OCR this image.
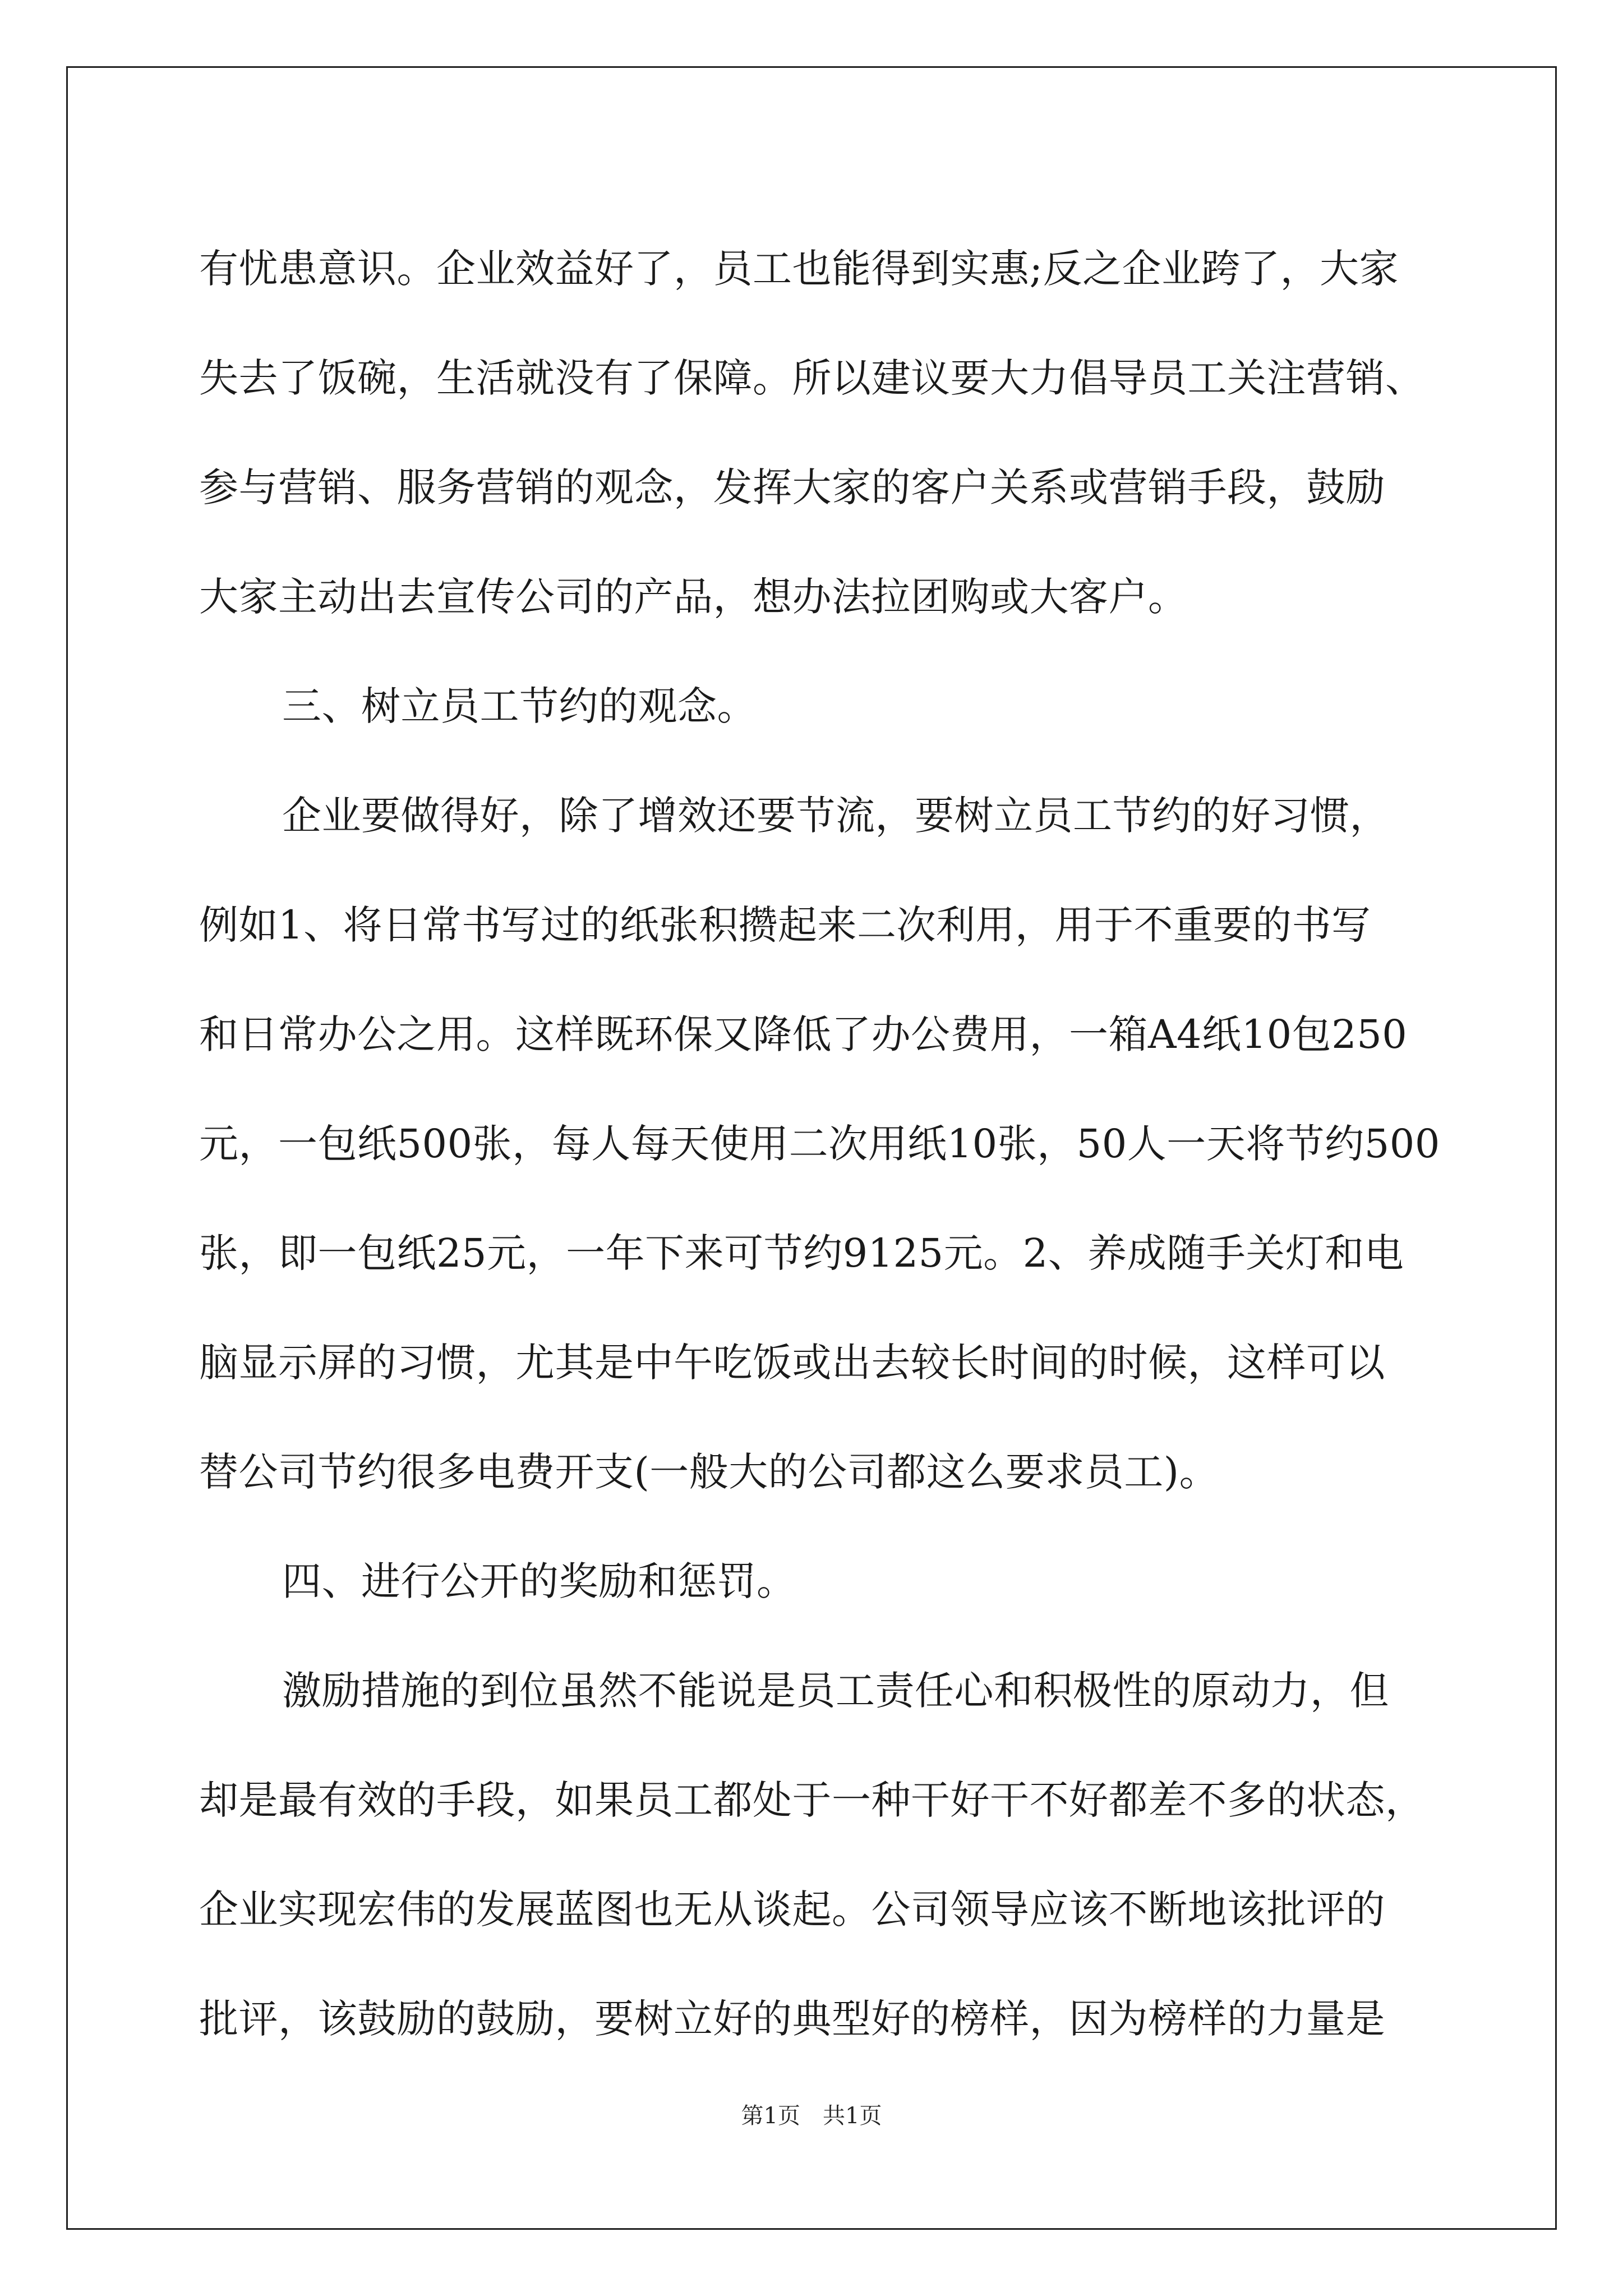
有忧患意识。企业效益好了，员工也能得到实惠;反之企业跨了，大家
失去了饭碗，生活就没有了保障。所以建议要大力倡导员工关注营销、
参与营销、服务营销的观念，发挥大家的客户关系或营销手段，鼓励
大家主动出去宣传公司的产品，想办法拉团购或大客户。
三、树立员工节约的观念。
企业要做得好，除了增效还要节流，要树立员工节约的好习惯，
例如1、将日常书写过的纸张积攒起来二次利用，用于不重要的书写
和日常办公之用。这样既环保又降低了办公费用，一箱A4纸10包250
元，一包纸500张，每人每天使用二次用纸10张，50人一天将节约500
张，即一包纸25元，一年下来可节约9125元。2、养成随手关灯和电
脑显示屏的习惯，尤其是中午吃饭或出去较长时间的时候，这样可以
替公司节约很多电费开支(一般大的公司都这么要求员工)。
四、进行公开的奖励和惩罚。
激励措施的到位虽然不能说是员工责任心和积极性的原动力，但
却是最有效的手段，如果员工都处于一种干好干不好都差不多的状态，
企业实现宏伟的发展蓝图也无从谈起。公司领导应该不断地该批评的
批评，该鼓励的鼓励，要树立好的典型好的榜样，因为榜样的力量是
第1页　共1页
